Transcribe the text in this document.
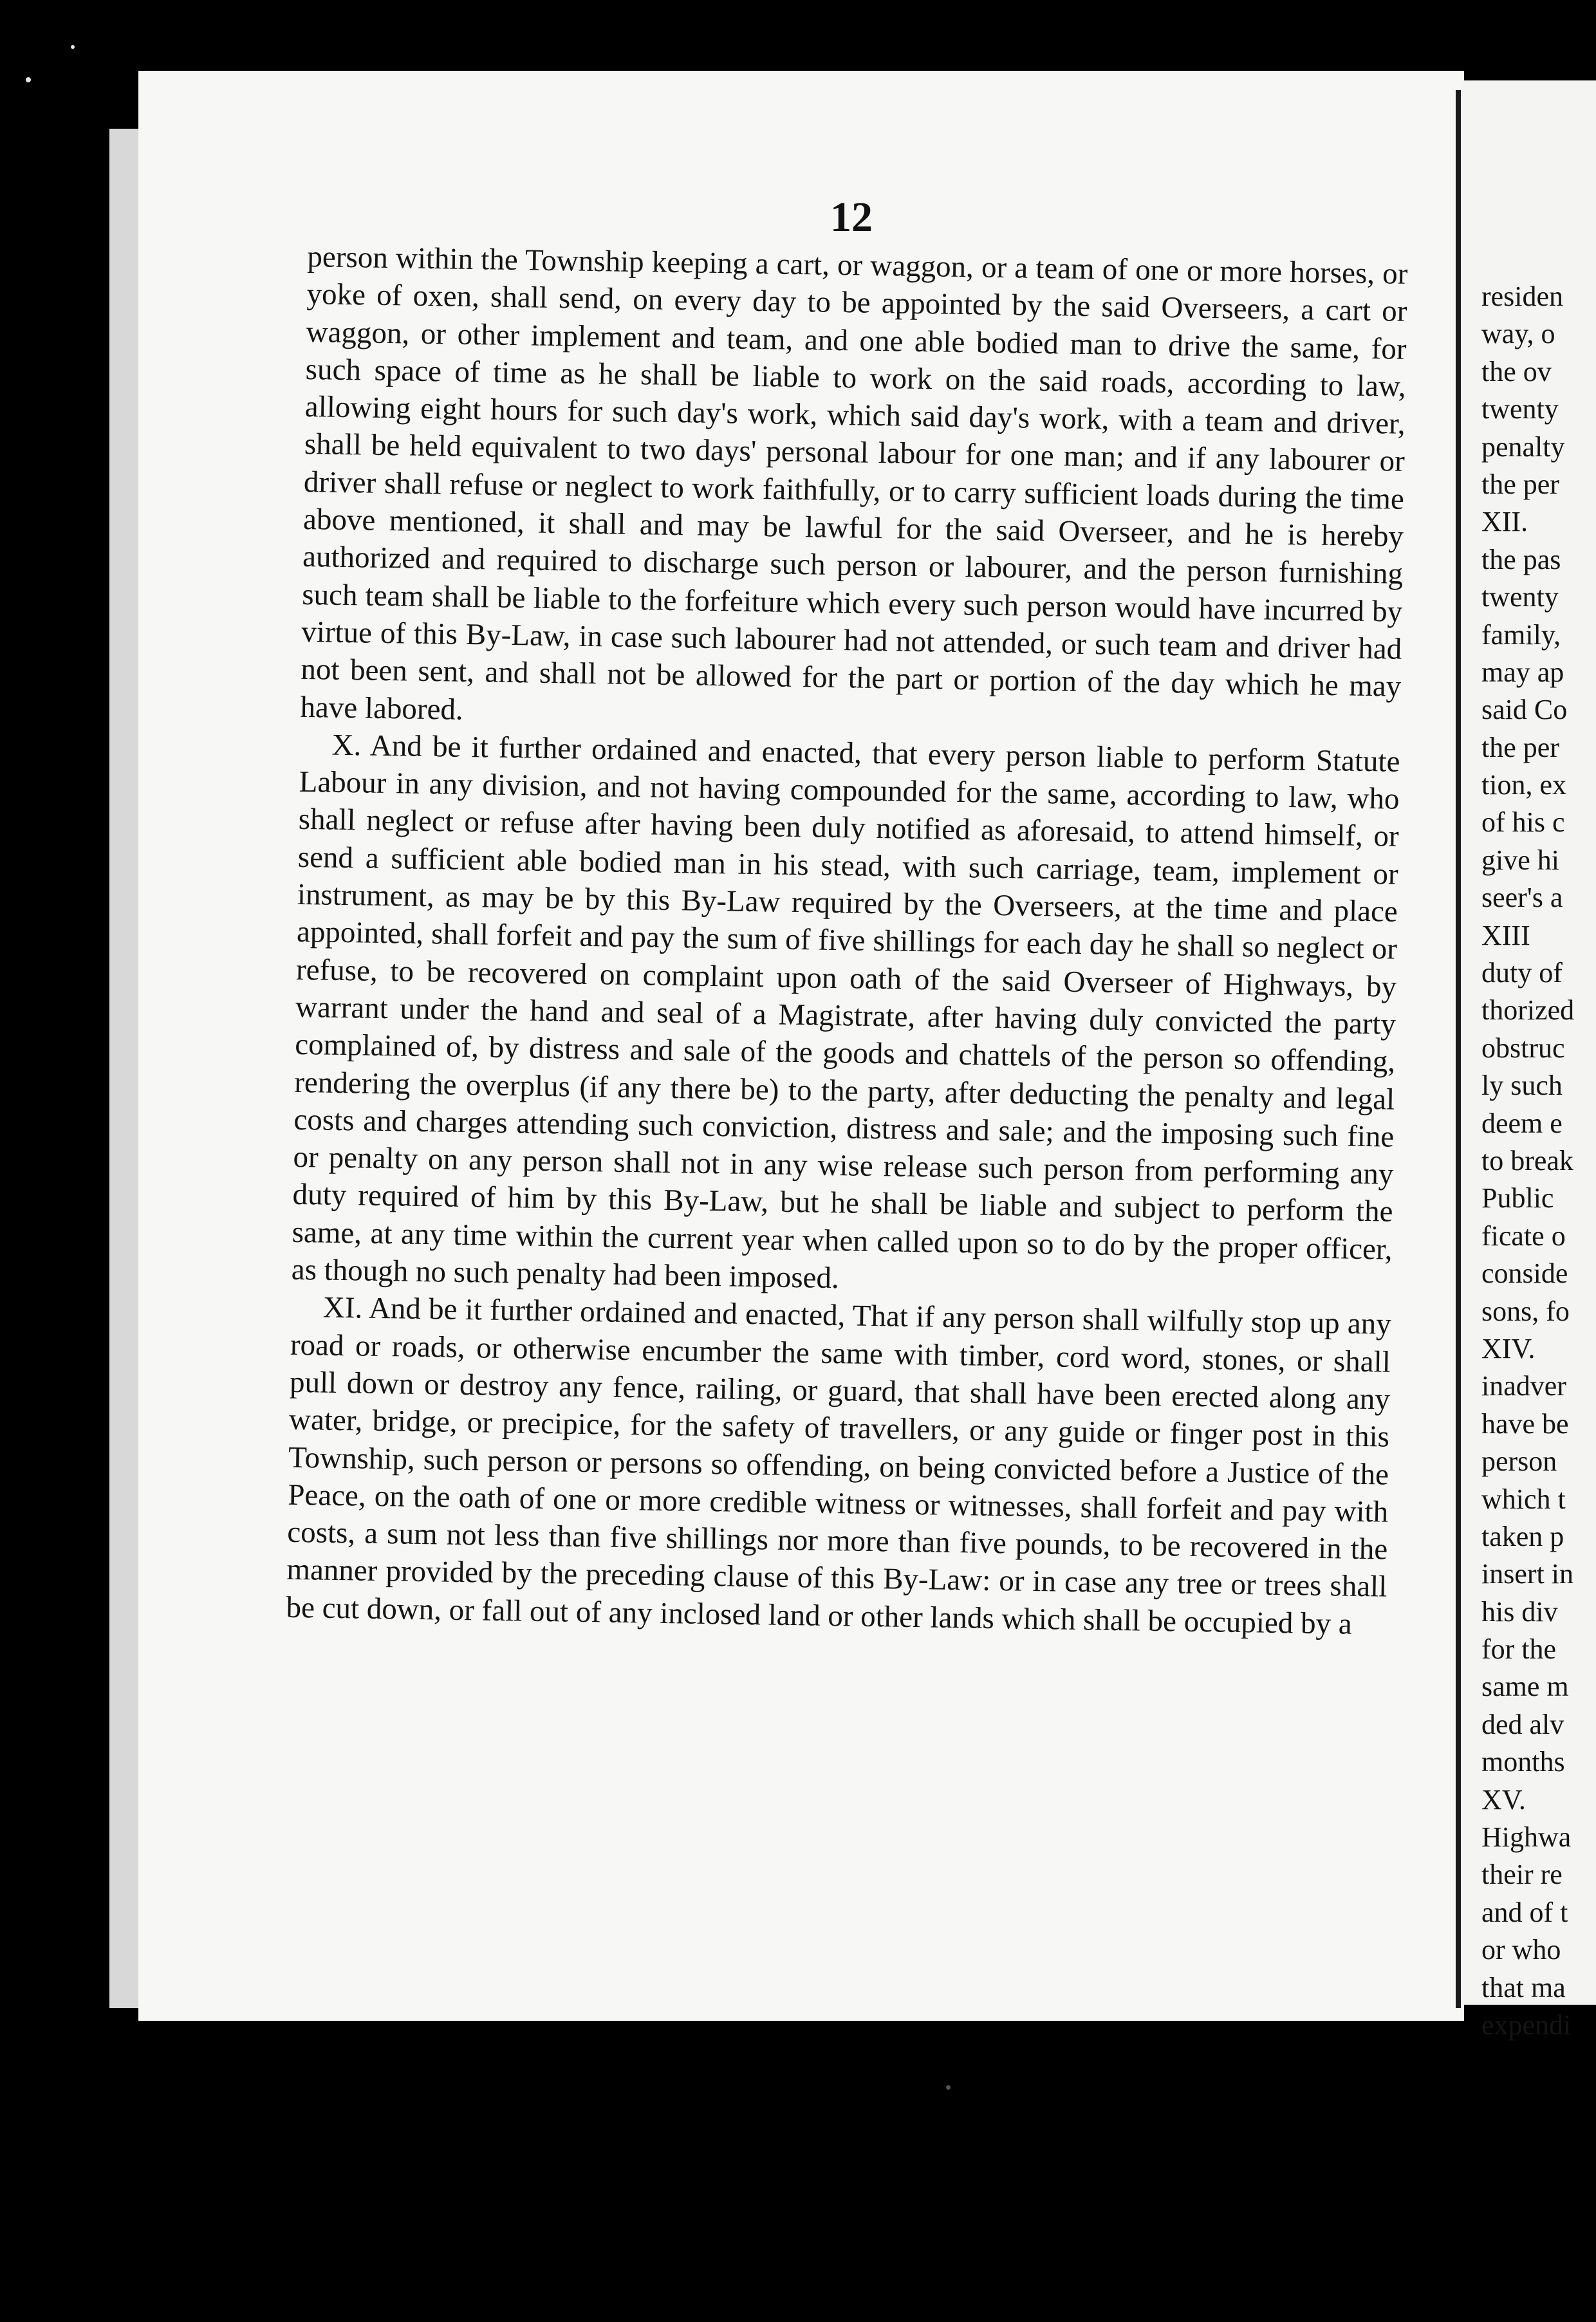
12

person within the Township keeping a cart, or waggon, or a team of one or more horses, or yoke of oxen, shall send, on every day to be appointed by the said Overseers, a cart or waggon, or other implement and team, and one able bodied man to drive the same, for such space of time as he shall be liable to work on the said roads, according to law, allowing eight hours for such day's work, which said day's work, with a team and driver, shall be held equivalent to two days' personal labour for one man; and if any labourer or driver shall refuse or neglect to work faithfully, or to carry sufficient loads during the time above mentioned, it shall and may be lawful for the said Overseer, and he is hereby authorized and required to discharge such person or labourer, and the person furnishing such team shall be liable to the forfeiture which every such person would have incurred by virtue of this By-Law, in case such labourer had not attended, or such team and driver had not been sent, and shall not be allowed for the part or portion of the day which he may have labored.

X. And be it further ordained and enacted, that every person liable to perform Statute Labour in any division, and not having compounded for the same, according to law, who shall neglect or refuse after having been duly notified as aforesaid, to attend himself, or send a sufficient able bodied man in his stead, with such carriage, team, implement or instrument, as may be by this By-Law required by the Overseers, at the time and place appointed, shall forfeit and pay the sum of five shillings for each day he shall so neglect or refuse, to be recovered on complaint upon oath of the said Overseer of Highways, by warrant under the hand and seal of a Magistrate, after having duly convicted the party complained of, by distress and sale of the goods and chattels of the person so offending, rendering the overplus (if any there be) to the party, after deducting the penalty and legal costs and charges attending such conviction, distress and sale; and the imposing such fine or penalty on any person shall not in any wise release such person from performing any duty required of him by this By-Law, but he shall be liable and subject to perform the same, at any time within the current year when called upon so to do by the proper officer, as though no such penalty had been imposed.

XI. And be it further ordained and enacted, That if any person shall wilfully stop up any road or roads, or otherwise encumber the same with timber, cord word, stones, or shall pull down or destroy any fence, railing, or guard, that shall have been erected along any water, bridge, or precipice, for the safety of travellers, or any guide or finger post in this Township, such person or persons so offending, on being convicted before a Justice of the Peace, on the oath of one or more credible witness or witnesses, shall forfeit and pay with costs, a sum not less than five shillings nor more than five pounds, to be recovered in the manner provided by the preceding clause of this By-Law: or in case any tree or trees shall be cut down, or fall out of any inclosed land or other lands which shall be occupied by a

residen
way, o
the ov
twenty
penalty
the per
XII.
the pas
twenty
family,
may ap
said Co
the per
tion, ex
of his c
give hi
seer's a
XIII
duty of
thorized
obstruc
ly such
deem e
to break
Public
ficate o
conside
sons, fo
XIV.
inadver
have be
person
which t
taken p
insert in
his div
for the
same m
ded alv
months
XV.
Highwa
their re
and of t
or who
that ma
expendi
